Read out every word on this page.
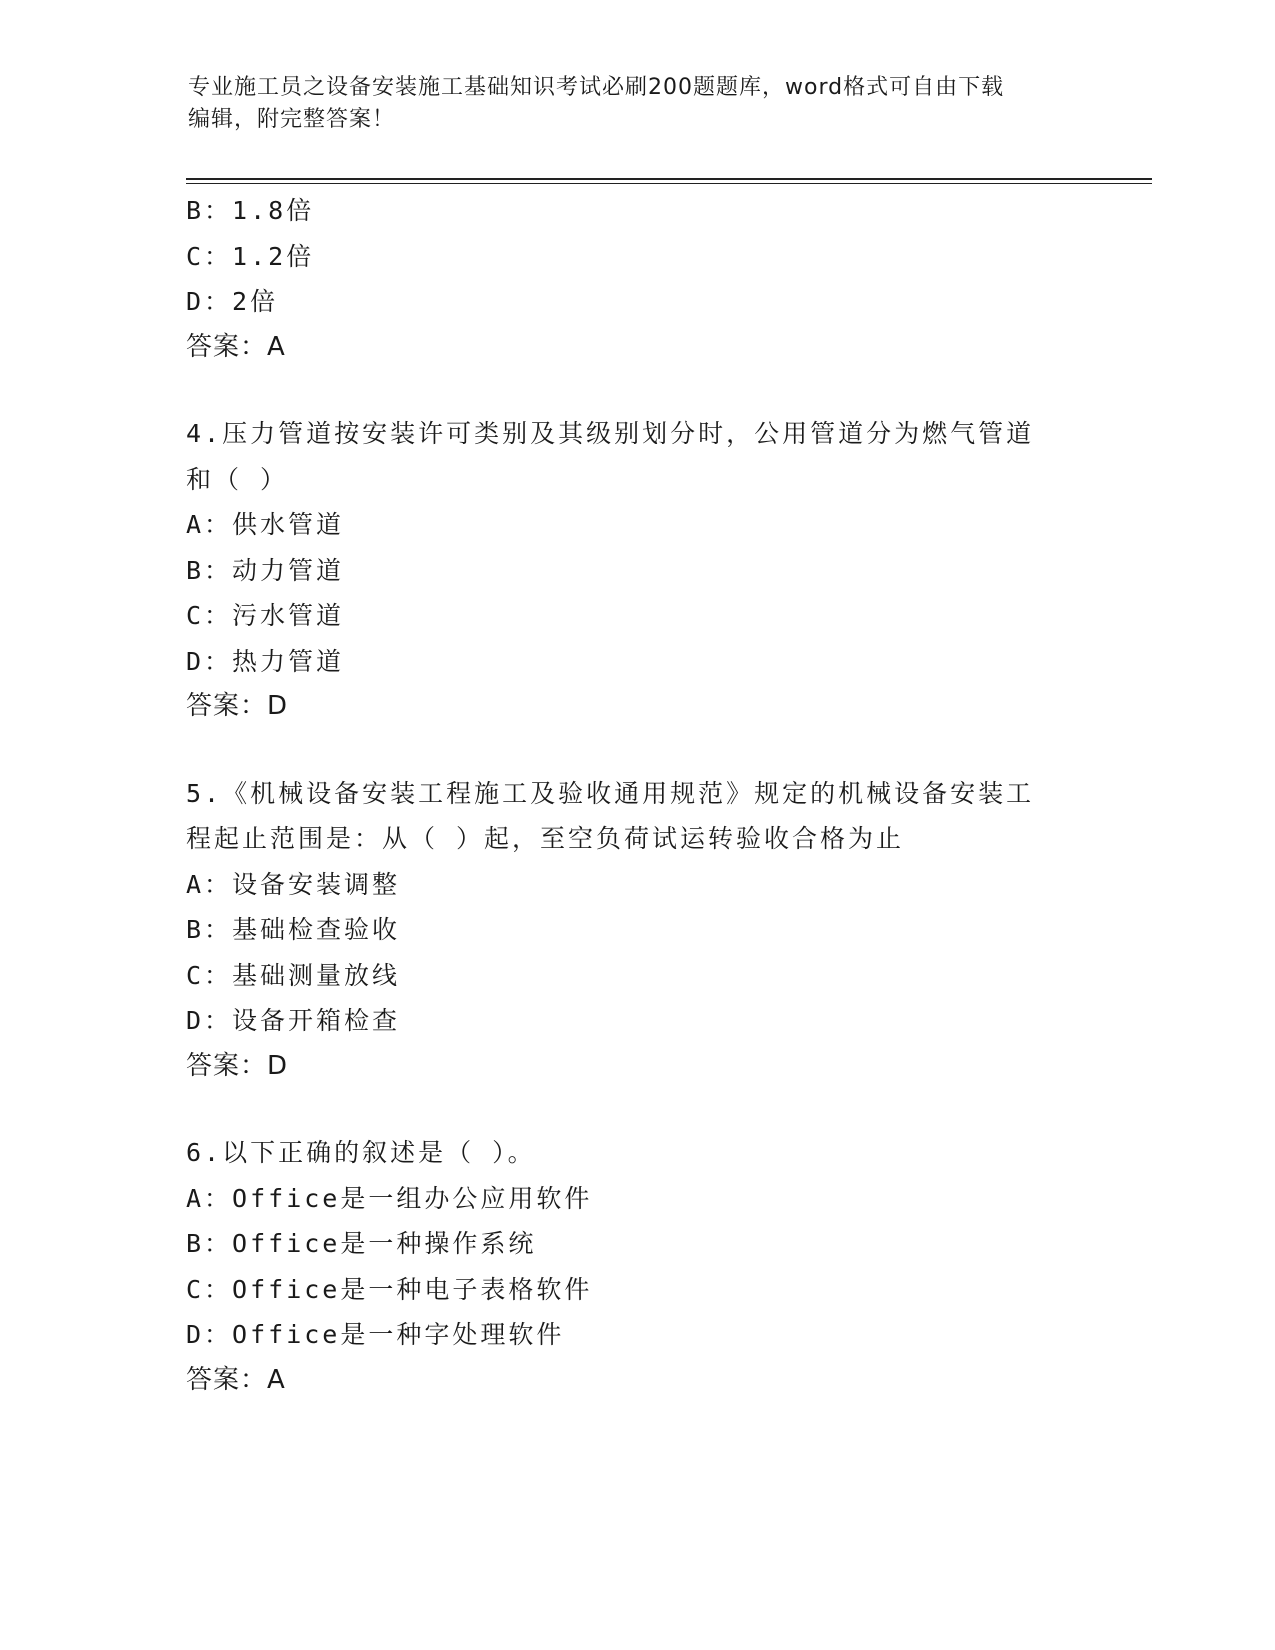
专业施工员之设备安装施工基础知识考试必刷200题题库，word格式可自由下载
编辑，附完整答案！
B：1.8倍
C：1.2倍
D：2倍
答案：A
4.压力管道按安装许可类别及其级别划分时，公用管道分为燃气管道
和（ ）
A：供水管道
B：动力管道
C：污水管道
D：热力管道
答案：D
5.《机械设备安装工程施工及验收通用规范》规定的机械设备安装工
程起止范围是：从（ ）起，至空负荷试运转验收合格为止
A：设备安装调整
B：基础检查验收
C：基础测量放线
D：设备开箱检查
答案：D
6.以下正确的叙述是（ ）。
A：Office是一组办公应用软件
B：Office是一种操作系统
C：Office是一种电子表格软件
D：Office是一种字处理软件
答案：A
